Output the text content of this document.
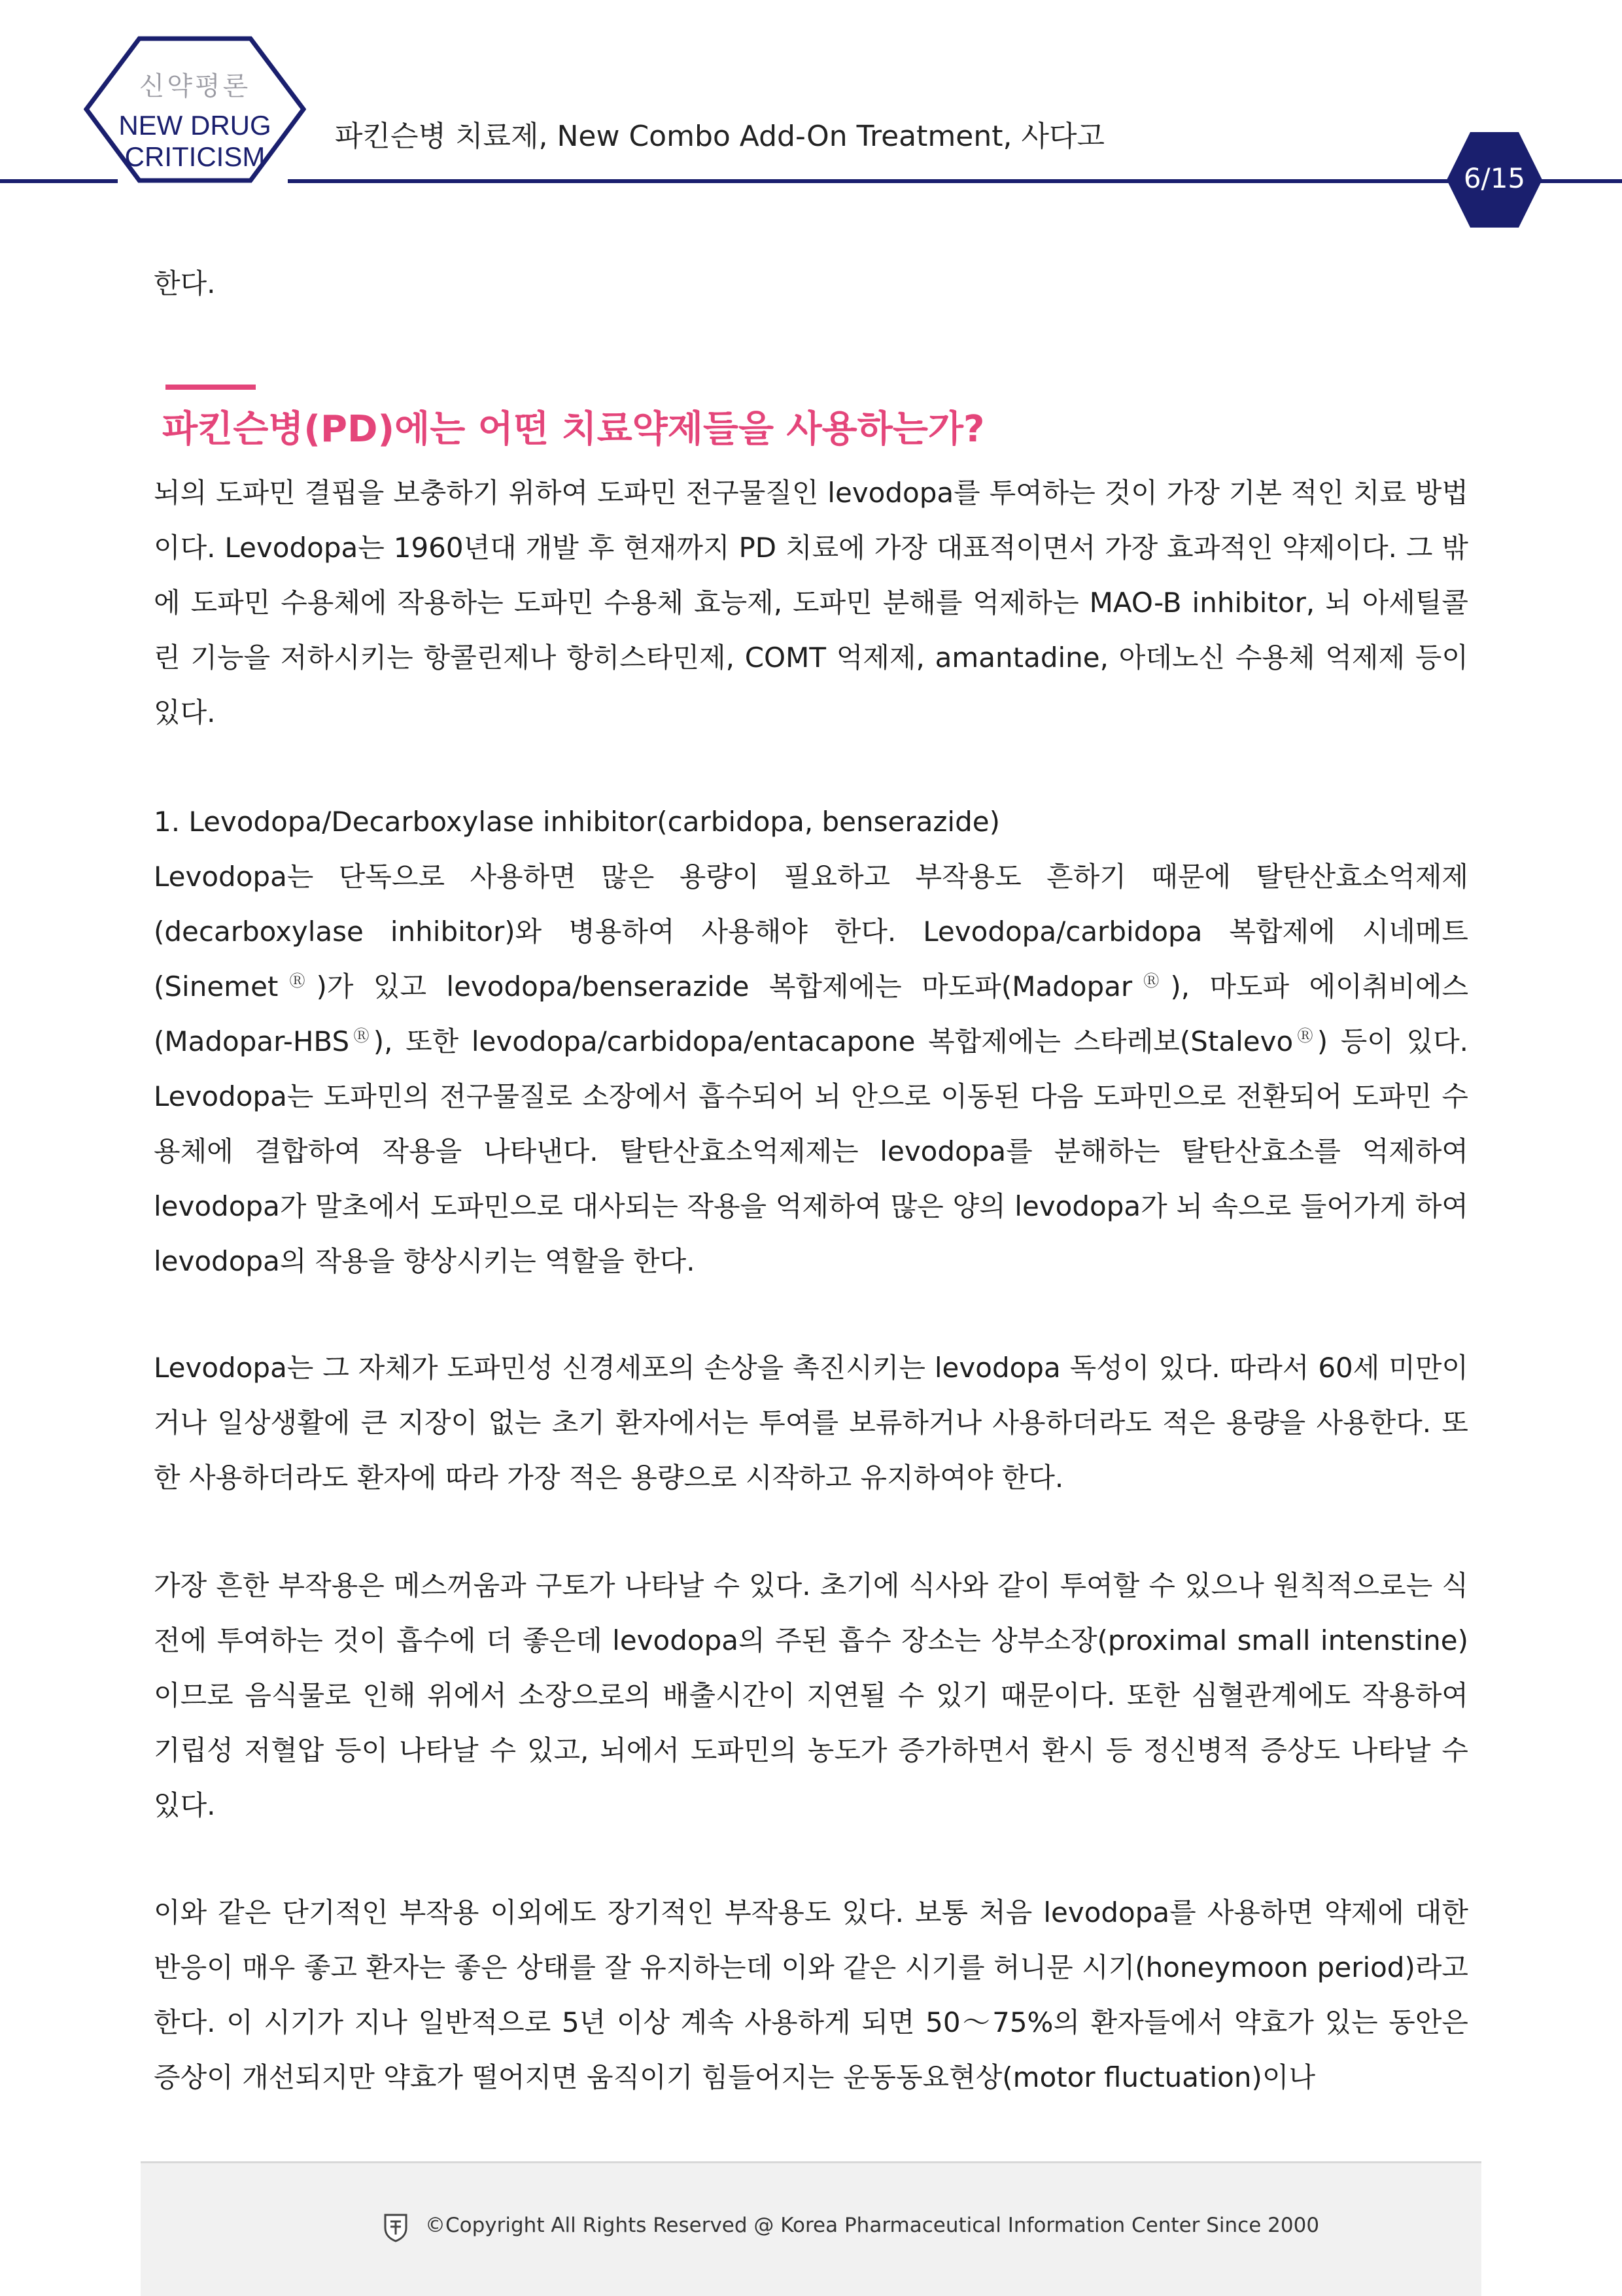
신약평론
NEW DRUG
CRITICISM
파킨슨병 치료제, New Combo Add-On Treatment, 사다고
6/15

한다.

파킨슨병(PD)에는 어떤 치료약제들을 사용하는가?

뇌의 도파민 결핍을 보충하기 위하여 도파민 전구물질인 levodopa를 투여하는 것이 가장 기본 적인 치료 방법이다. Levodopa는 1960년대 개발 후 현재까지 PD 치료에 가장 대표적이면서 가장 효과적인 약제이다. 그 밖에 도파민 수용체에 작용하는 도파민 수용체 효능제, 도파민 분해를 억제하는 MAO-B inhibitor, 뇌 아세틸콜린 기능을 저하시키는 항콜린제나 항히스타민제, COMT 억제제, amantadine, 아데노신 수용체 억제제 등이 있다.

1. Levodopa/Decarboxylase inhibitor(carbidopa, benserazide)

Levodopa는 단독으로 사용하면 많은 용량이 필요하고 부작용도 흔하기 때문에 탈탄산효소억제제(decarboxylase inhibitor)와 병용하여 사용해야 한다. Levodopa/carbidopa 복합제에 시네메트(SinemetⓇ)가 있고 levodopa/benserazide 복합제에는 마도파(MadoparⓇ), 마도파 에이취비에스(Madopar-HBSⓇ), 또한 levodopa/carbidopa/entacapone 복합제에는 스타레보(StalevoⓇ) 등이 있다. Levodopa는 도파민의 전구물질로 소장에서 흡수되어 뇌 안으로 이동된 다음 도파민으로 전환되어 도파민 수용체에 결합하여 작용을 나타낸다. 탈탄산효소억제제는 levodopa를 분해하는 탈탄산효소를 억제하여 levodopa가 말초에서 도파민으로 대사되는 작용을 억제하여 많은 양의 levodopa가 뇌 속으로 들어가게 하여 levodopa의 작용을 향상시키는 역할을 한다.

Levodopa는 그 자체가 도파민성 신경세포의 손상을 촉진시키는 levodopa 독성이 있다. 따라서 60세 미만이거나 일상생활에 큰 지장이 없는 초기 환자에서는 투여를 보류하거나 사용하더라도 적은 용량을 사용한다. 또한 사용하더라도 환자에 따라 가장 적은 용량으로 시작하고 유지하여야 한다.

가장 흔한 부작용은 메스꺼움과 구토가 나타날 수 있다. 초기에 식사와 같이 투여할 수 있으나 원칙적으로는 식전에 투여하는 것이 흡수에 더 좋은데 levodopa의 주된 흡수 장소는 상부소장(proximal small intenstine)이므로 음식물로 인해 위에서 소장으로의 배출시간이 지연될 수 있기 때문이다. 또한 심혈관계에도 작용하여 기립성 저혈압 등이 나타날 수 있고, 뇌에서 도파민의 농도가 증가하면서 환시 등 정신병적 증상도 나타날 수 있다.

이와 같은 단기적인 부작용 이외에도 장기적인 부작용도 있다. 보통 처음 levodopa를 사용하면 약제에 대한 반응이 매우 좋고 환자는 좋은 상태를 잘 유지하는데 이와 같은 시기를 허니문 시기(honeymoon period)라고 한다. 이 시기가 지나 일반적으로 5년 이상 계속 사용하게 되면 50～75%의 환자들에서 약효가 있는 동안은 증상이 개선되지만 약효가 떨어지면 움직이기 힘들어지는 운동동요현상(motor fluctuation)이나

©Copyright All Rights Reserved @ Korea Pharmaceutical Information Center Since 2000
